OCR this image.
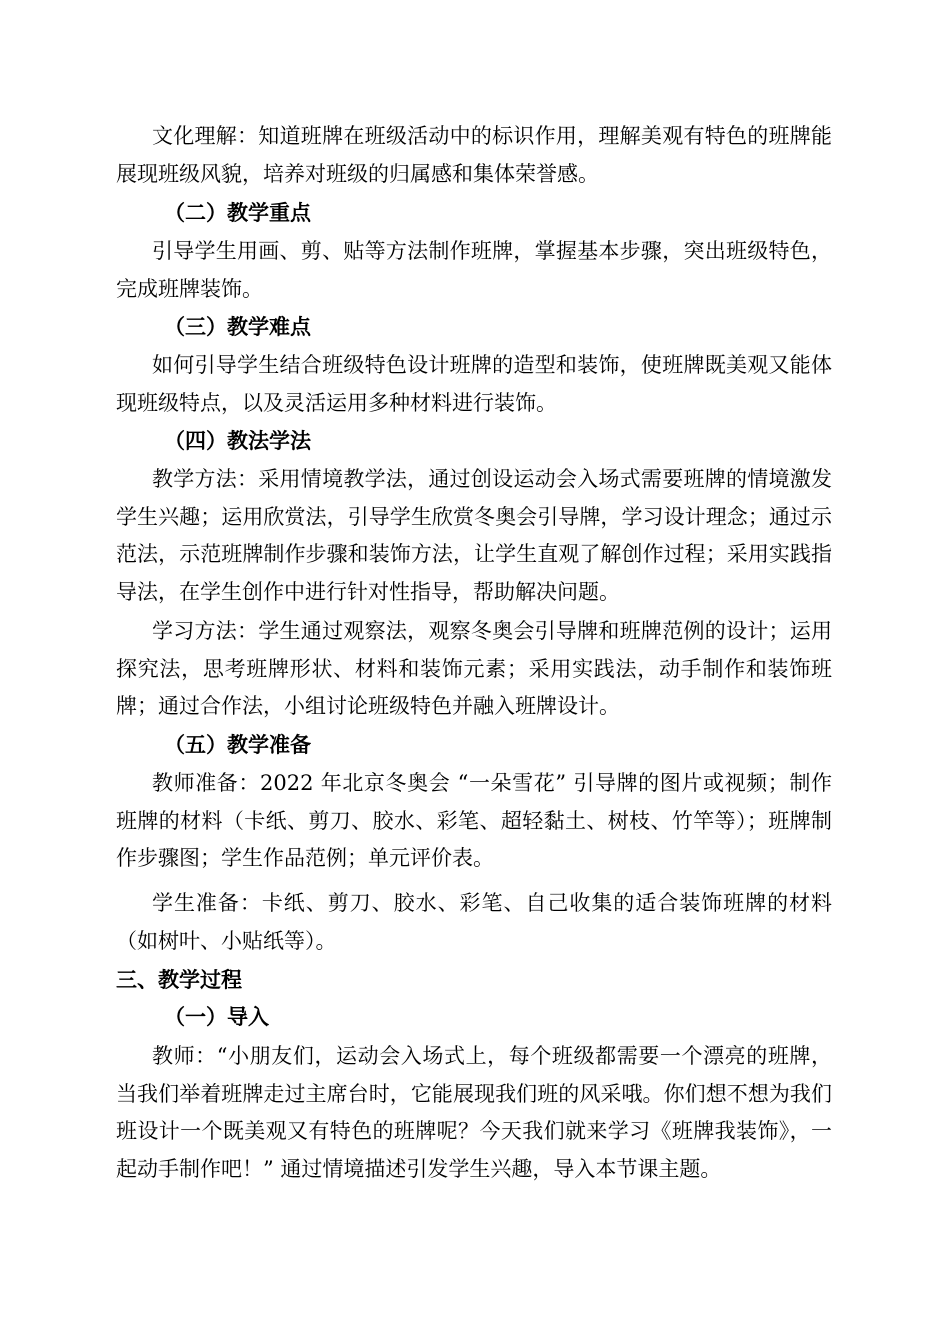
文化理解：知道班牌在班级活动中的标识作用，理解美观有特色的班牌能展现班级风貌，培养对班级的归属感和集体荣誉感。

（二）教学重点

引导学生用画、剪、贴等方法制作班牌，掌握基本步骤，突出班级特色，完成班牌装饰。

（三）教学难点

如何引导学生结合班级特色设计班牌的造型和装饰，使班牌既美观又能体现班级特点，以及灵活运用多种材料进行装饰。

（四）教法学法

教学方法：采用情境教学法，通过创设运动会入场式需要班牌的情境激发学生兴趣；运用欣赏法，引导学生欣赏冬奥会引导牌，学习设计理念；通过示范法，示范班牌制作步骤和装饰方法，让学生直观了解创作过程；采用实践指导法，在学生创作中进行针对性指导，帮助解决问题。

学习方法：学生通过观察法，观察冬奥会引导牌和班牌范例的设计；运用探究法，思考班牌形状、材料和装饰元素；采用实践法，动手制作和装饰班牌；通过合作法，小组讨论班级特色并融入班牌设计。

（五）教学准备

教师准备：2022 年北京冬奥会 “一朵雪花” 引导牌的图片或视频；制作班牌的材料（卡纸、剪刀、胶水、彩笔、超轻黏土、树枝、竹竿等）；班牌制作步骤图；学生作品范例；单元评价表。

学生准备：卡纸、剪刀、胶水、彩笔、自己收集的适合装饰班牌的材料（如树叶、小贴纸等）。

三、教学过程

（一）导入

教师：“小朋友们，运动会入场式上，每个班级都需要一个漂亮的班牌，当我们举着班牌走过主席台时，它能展现我们班的风采哦。你们想不想为我们班设计一个既美观又有特色的班牌呢？今天我们就来学习《班牌我装饰》，一起动手制作吧！” 通过情境描述引发学生兴趣，导入本节课主题。
